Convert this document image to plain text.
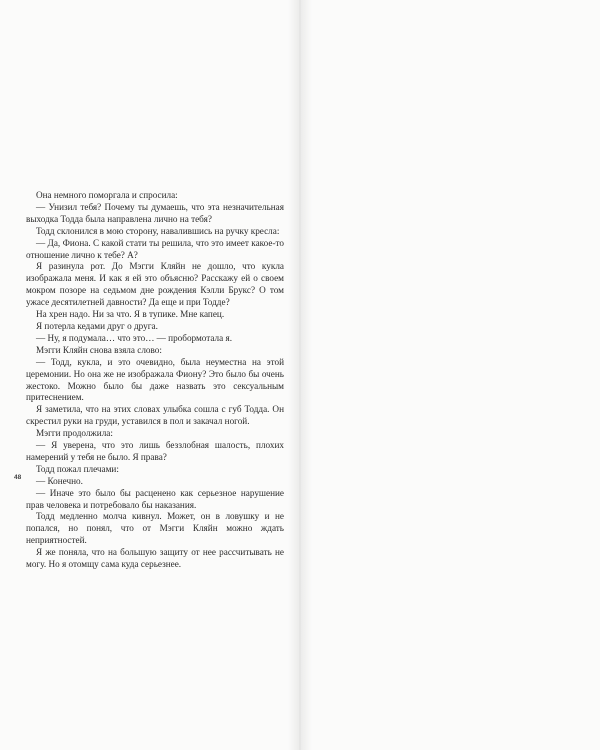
Она немного поморгала и спросила:

— Унизил тебя? Почему ты думаешь, что эта незначительная выходка Тодда была направлена лично на тебя?

Тодд склонился в мою сторону, навалившись на ручку кресла:

— Да, Фиона. С какой стати ты решила, что это имеет какое-то отношение лично к тебе? А?

Я разинула рот. До Мэгги Кляйн не дошло, что кукла изображала меня. И как я ей это объясню? Расскажу ей о своем мокром позоре на седьмом дне рождения Кэлли Брукс? О том ужасе десятилетней давности? Да еще и при Тодде?

На хрен надо. Ни за что. Я в тупике. Мне капец.

Я потерла кедами друг о друга.

— Ну, я подумала… что это… — пробормотала я.

Мэгги Кляйн снова взяла слово:

— Тодд, кукла, и это очевидно, была неуместна на этой церемонии. Но она же не изображала Фиону? Это было бы очень жестоко. Можно было бы даже назвать это сексуальным притеснением.

Я заметила, что на этих словах улыбка сошла с губ Тодда. Он скрестил руки на груди, уставился в пол и закачал ногой.

Мэгги продолжила:

— Я уверена, что это лишь беззлобная шалость, плохих намерений у тебя не было. Я права?

Тодд пожал плечами:

— Конечно.

— Иначе это было бы расценено как серьезное нарушение прав человека и потребовало бы наказания.

Тодд медленно молча кивнул. Может, он в ловушку и не попался, но понял, что от Мэгги Кляйн можно ждать неприятностей.

Я же поняла, что на большую защиту от нее рассчитывать не могу. Но я отомщу сама куда серьезнее.

48
